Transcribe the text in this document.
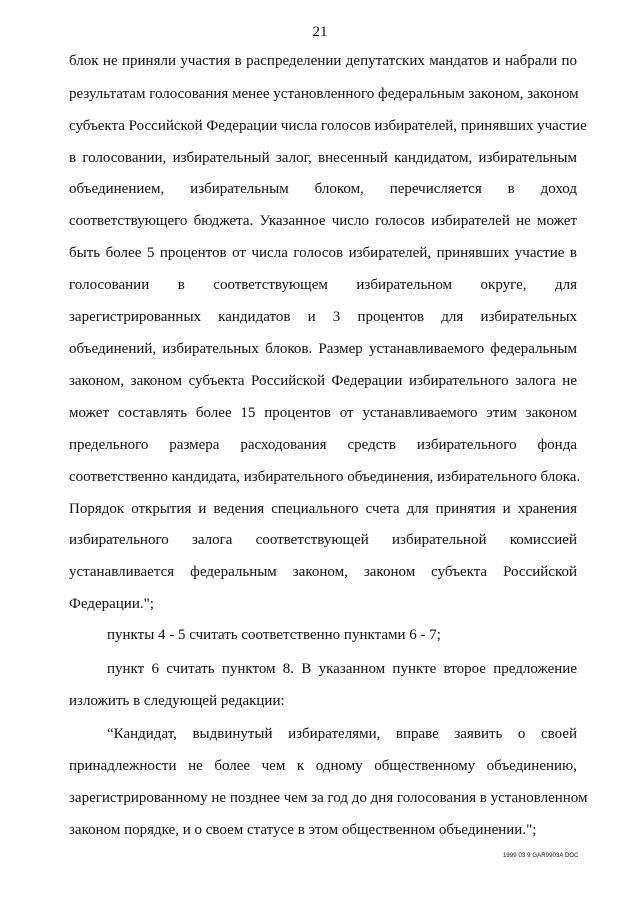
21
блок не приняли участия в распределении депутатских мандатов и набрали по
результатам голосования менее установленного федеральным законом, законом
субъекта Российской Федерации числа голосов избирателей, принявших участие
в голосовании, избирательный залог, внесенный кандидатом, избирательным
объединением, избирательным блоком, перечисляется в доход
соответствующего бюджета. Указанное число голосов избирателей не может
быть более 5 процентов от числа голосов избирателей, принявших участие в
голосовании в соответствующем избирательном округе, для
зарегистрированных кандидатов и 3 процентов для избирательных
объединений, избирательных блоков. Размер устанавливаемого федеральным
законом, законом субъекта Российской Федерации избирательного залога не
может составлять более 15 процентов от устанавливаемого этим законом
предельного размера расходования средств избирательного фонда
соответственно кандидата, избирательного объединения, избирательного блока.
Порядок открытия и ведения специального счета для принятия и хранения
избирательного залога соответствующей избирательной комиссией
устанавливается федеральным законом, законом субъекта Российской
Федерации.";
пункты 4 - 5 считать соответственно пунктами 6 - 7;
пункт 6 считать пунктом 8. В указанном пункте второе предложение
изложить в следующей редакции:
“Кандидат, выдвинутый избирателями, вправе заявить о своей
принадлежности не более чем к одному общественному объединению,
зарегистрированному не позднее чем за год до дня голосования в установленном
законом порядке, и о своем статусе в этом общественном объединении.";
1999 03 9 GAR9903A DOC
